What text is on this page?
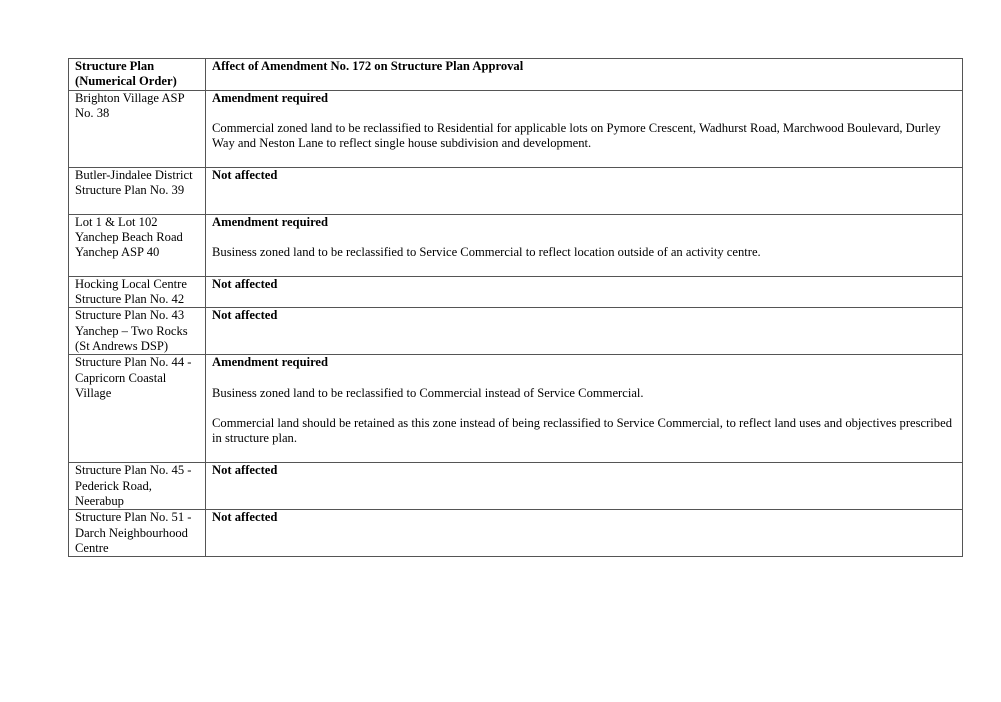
Structure Plan (Numerical Order)	Affect of Amendment No. 172 on Structure Plan Approval
Brighton Village ASP No. 38	Amendment required
Commercial zoned land to be reclassified to Residential for applicable lots on Pymore Crescent, Wadhurst Road, Marchwood Boulevard, Durley Way and Neston Lane to reflect single house subdivision and development.

Butler-Jindalee District Structure Plan No. 39	Not affected

Lot 1 & Lot 102 Yanchep Beach Road Yanchep ASP 40	Amendment required
Business zoned land to be reclassified to Service Commercial to reflect location outside of an activity centre.

Hocking Local Centre Structure Plan No. 42	Not affected

Structure Plan No. 43 Yanchep – Two Rocks (St Andrews DSP)	Not affected

Structure Plan No. 44 - Capricorn Coastal Village	Amendment required
Business zoned land to be reclassified to Commercial instead of Service Commercial.
Commercial land should be retained as this zone instead of being reclassified to Service Commercial, to reflect land uses and objectives prescribed in structure plan.

Structure Plan No. 45 - Pederick Road, Neerabup	Not affected

Structure Plan No. 51 - Darch Neighbourhood Centre	Not affected
